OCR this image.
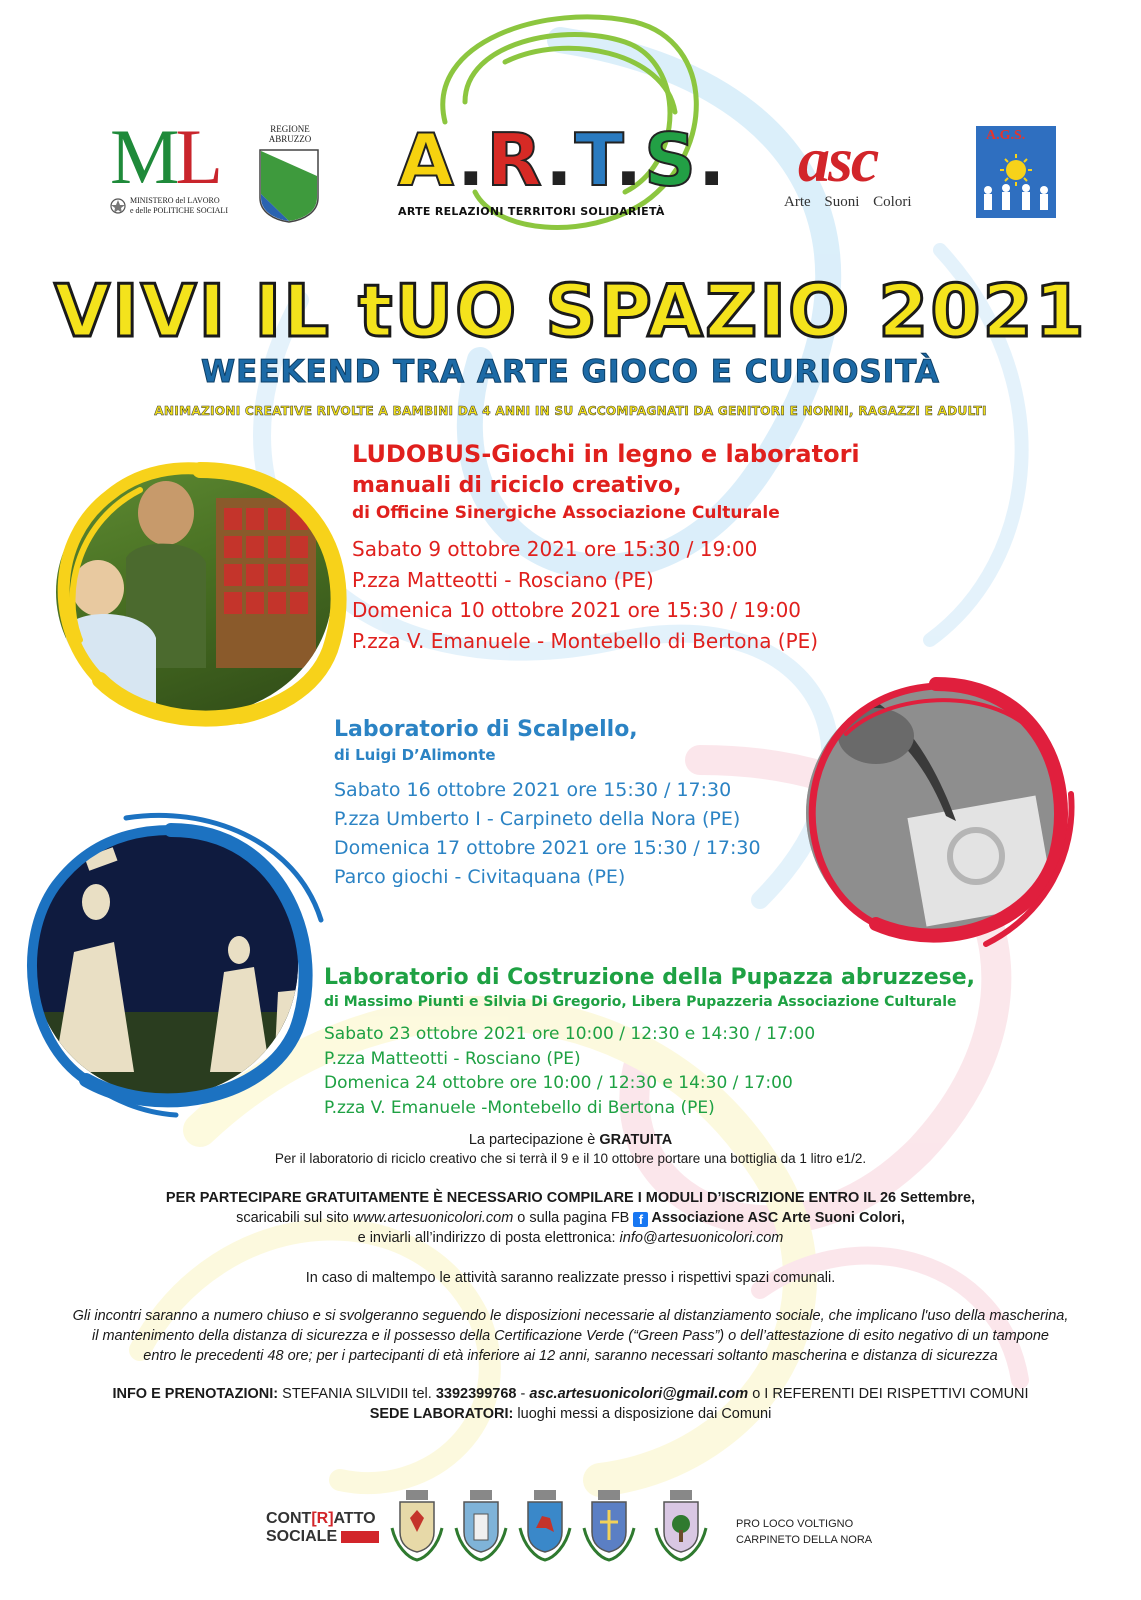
ML
MINISTERO del LAVORO
e delle POLITICHE SOCIALI
REGIONE
ABRUZZO A.R.T.S.
ARTE RELAZIONI TERRITORI SOLIDARIETÀ
asc
Arte Suoni Colori
A.G.S.
VIVI IL tUO SPAZIO 2021
WEEKEND TRA ARTE GIOCO E CURIOSITÀ
ANIMAZIONI CREATIVE RIVOLTE A BAMBINI DA 4 ANNI IN SU ACCOMPAGNATI DA GENITORI E NONNI, RAGAZZI E ADULTI
LUDOBUS-Giochi in legno e laboratori
manuali di riciclo creativo,
di Officine Sinergiche Associazione Culturale
Sabato 9 ottobre 2021 ore 15:30 / 19:00
P.zza Matteotti - Rosciano (PE)
Domenica 10 ottobre 2021 ore 15:30 / 19:00
P.zza V. Emanuele - Montebello di Bertona (PE)
Laboratorio di Scalpello,
di Luigi D’Alimonte
Sabato 16 ottobre 2021 ore 15:30 / 17:30
P.zza Umberto I - Carpineto della Nora (PE)
Domenica 17 ottobre 2021 ore 15:30 / 17:30
Parco giochi - Civitaquana (PE)
Laboratorio di Costruzione della Pupazza abruzzese,
di Massimo Piunti e Silvia Di Gregorio, Libera Pupazzeria Associazione Culturale
Sabato 23 ottobre 2021 ore 10:00 / 12:30 e 14:30 / 17:00
P.zza Matteotti - Rosciano (PE)
Domenica 24 ottobre ore 10:00 / 12:30 e 14:30 / 17:00
P.zza V. Emanuele -Montebello di Bertona (PE)
La partecipazione è GRATUITA
Per il laboratorio di riciclo creativo che si terrà il 9 e il 10 ottobre portare una bottiglia da 1 litro e1/2.
PER PARTECIPARE GRATUITAMENTE È NECESSARIO COMPILARE I MODULI D’ISCRIZIONE ENTRO IL 26 Settembre,
scaricabili sul sito www.artesuonicolori.com o sulla pagina FB f Associazione ASC Arte Suoni Colori,
e inviarli all’indirizzo di posta elettronica: info@artesuonicolori.com
In caso di maltempo le attività saranno realizzate presso i rispettivi spazi comunali.
Gli incontri saranno a numero chiuso e si svolgeranno seguendo le disposizioni necessarie al distanziamento sociale, che implicano l'uso della mascherina,
il mantenimento della distanza di sicurezza e il possesso della Certificazione Verde (“Green Pass”) o dell’attestazione di esito negativo di un tampone
entro le precedenti 48 ore; per i partecipanti di età inferiore ai 12 anni, saranno necessari soltanto mascherina e distanza di sicurezza
INFO E PRENOTAZIONI: STEFANIA SILVIDII tel. 3392399768 - asc.artesuonicolori@gmail.com o I REFERENTI DEI RISPETTIVI COMUNI
SEDE LABORATORI: luoghi messi a disposizione dai Comuni
CONT[R]ATTO
SOCIALE
PRO LOCO VOLTIGNO
CARPINETO DELLA NORA
